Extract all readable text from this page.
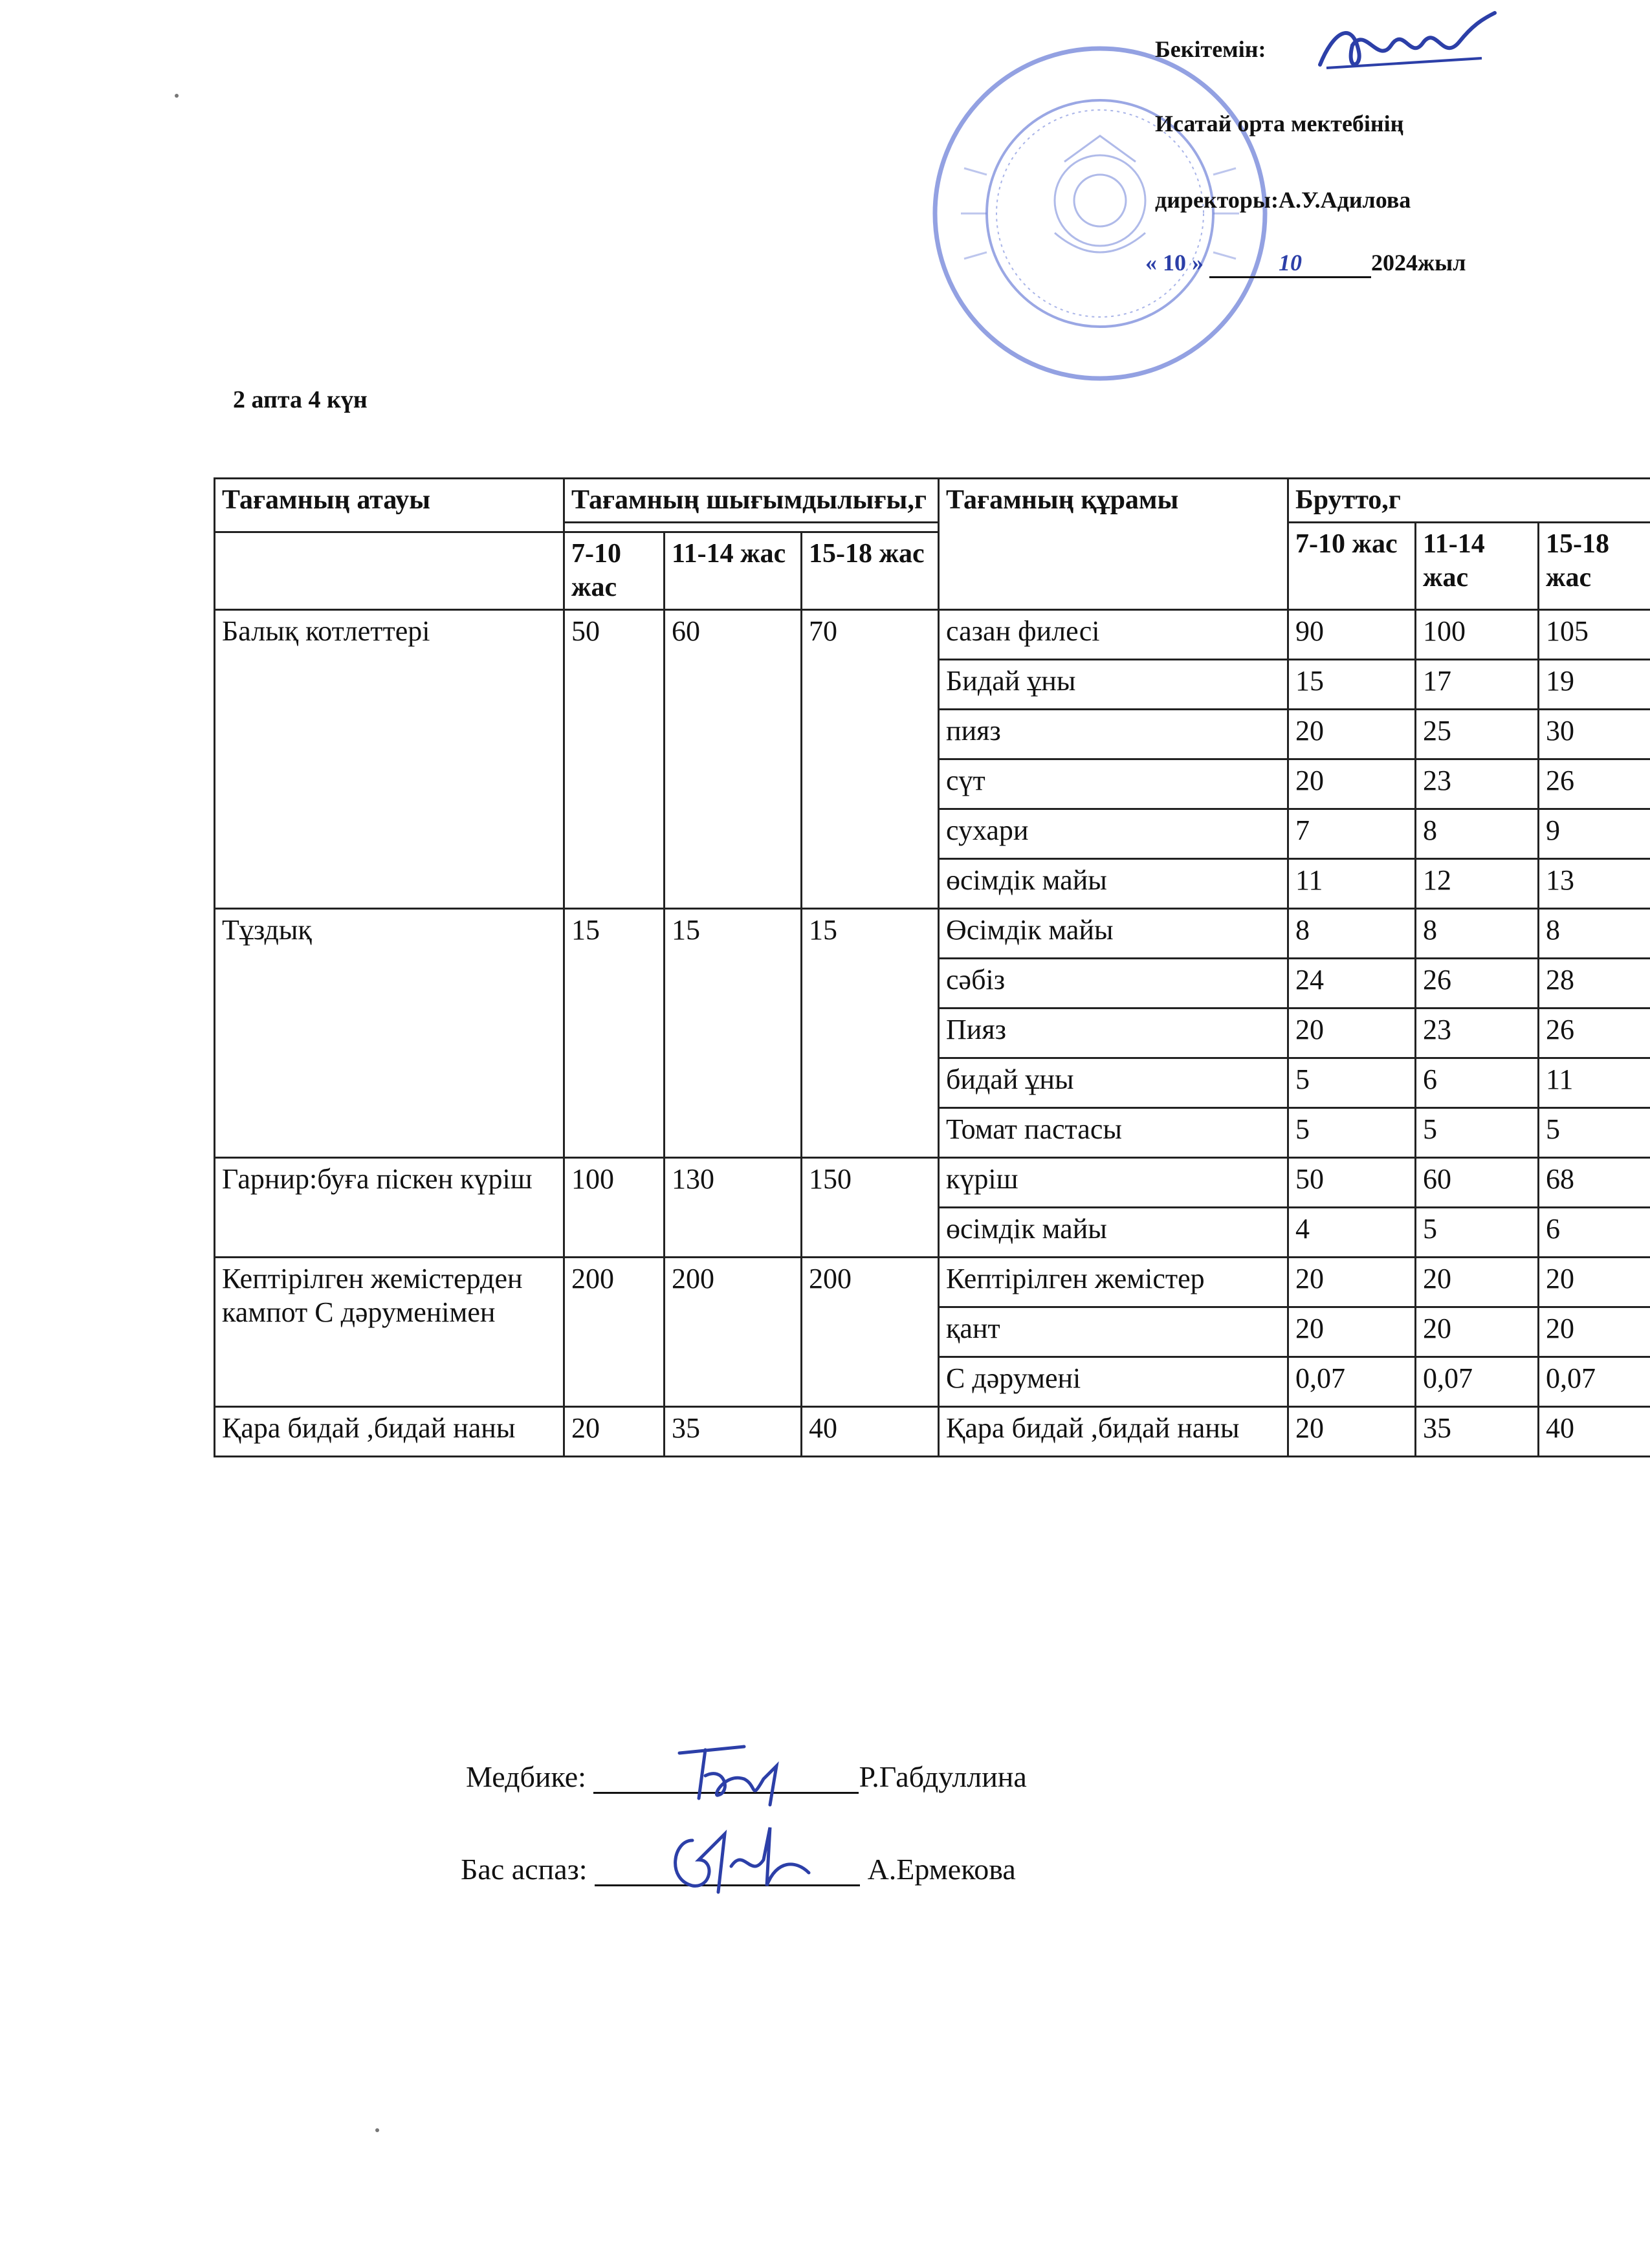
Бекітемін:
Исатай орта мектебінің
директоры:А.У.Адилова
« 10 »	10	2024жыл
2 апта 4 күн
Тағамның атауы	Тағамның шығымдылығы,г			Тағамның құрамы	Брутто,г		
					7-10 жас	11-14 жас	15-18 жас
	7-10 жас	11-14 жас	15-18 жас				
Балық котлеттері	50	60	70	сазан филесі	90	100	105
				Бидай ұны	15	17	19
				пияз	20	25	30
				сүт	20	23	26
				сухари	7	8	9
				өсімдік майы	11	12	13
Тұздық	15	15	15	Өсімдік майы	8	8	8
				сәбіз	24	26	28
				Пияз	20	23	26
				бидай ұны	5	6	11
				Томат пастасы	5	5	5
Гарнир:буға піскен күріш	100	130	150	күріш	50	60	68
				өсімдік майы	4	5	6
Кептірілген жемістерден кампот С дәруменімен	200	200	200	Кептірілген жемістер	20	20	20
				қант	20	20	20
				С дәрумені	0,07	0,07	0,07
Қара бидай ,бидай наны	20	35	40	Қара бидай ,бидай наны	20	35	40
Медбике:	Р.Габдуллина
Бас аспаз:	А.Ермекова
